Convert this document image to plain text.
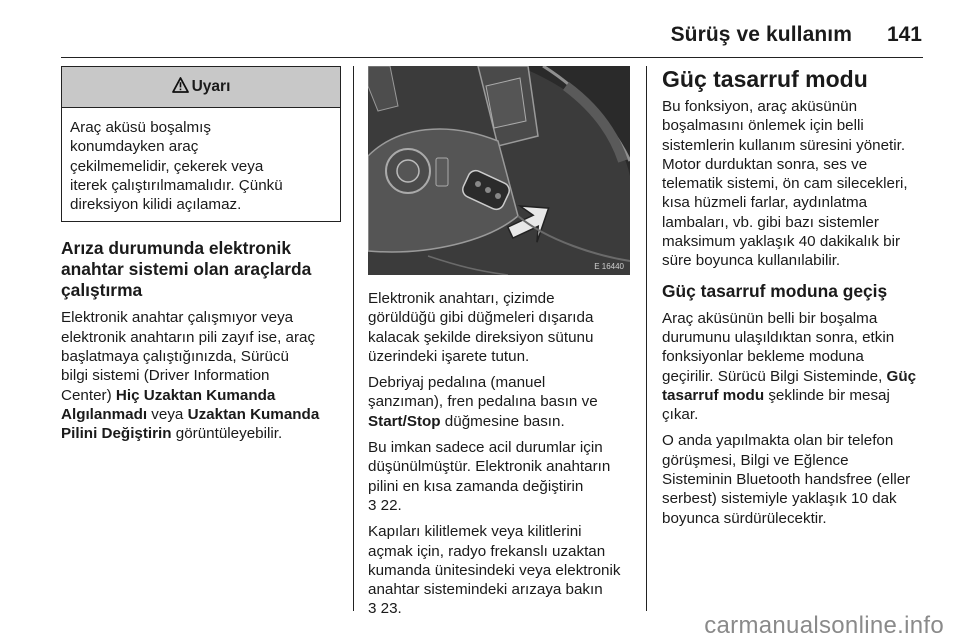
Sürüş ve kullanım 141
Uyarı
Araç aküsü boşalmış
konumdayken araç
çekilmemelidir, çekerek veya
iterek çalıştırılmamalıdır. Çünkü
direksiyon kilidi açılamaz.
Arıza durumunda elektronik
anahtar sistemi olan araçlarda
çalıştırma
Elektronik anahtar çalışmıyor veya
elektronik anahtarın pili zayıf ise, araç
başlatmaya çalıştığınızda, Sürücü
bilgi sistemi (Driver Information
Center) Hiç Uzaktan Kumanda
Algılanmadı veya Uzaktan Kumanda
Pilini Değiştirin görüntüleyebilir.
E 16440
Elektronik anahtarı, çizimde
görüldüğü gibi düğmeleri dışarıda
kalacak şekilde direksiyon sütunu
üzerindeki işarete tutun.
Debriyaj pedalına (manuel
şanzıman), fren pedalına basın ve
Start/Stop düğmesine basın.
Bu imkan sadece acil durumlar için
düşünülmüştür. Elektronik anahtarın
pilini en kısa zamanda değiştirin
3 22.
Kapıları kilitlemek veya kilitlerini
açmak için, radyo frekanslı uzaktan
kumanda ünitesindeki veya elektronik
anahtar sistemindeki arızaya bakın
3 23.
Güç tasarruf modu
Bu fonksiyon, araç aküsünün
boşalmasını önlemek için belli
sistemlerin kullanım süresini yönetir.
Motor durduktan sonra, ses ve
telematik sistemi, ön cam silecekleri,
kısa hüzmeli farlar, aydınlatma
lambaları, vb. gibi bazı sistemler
maksimum yaklaşık 40 dakikalık bir
süre boyunca kullanılabilir.
Güç tasarruf moduna geçiş
Araç aküsünün belli bir boşalma
durumunu ulaşıldıktan sonra, etkin
fonksiyonlar bekleme moduna
geçirilir. Sürücü Bilgi Sisteminde, Güç
tasarruf modu şeklinde bir mesaj
çıkar.
O anda yapılmakta olan bir telefon
görüşmesi, Bilgi ve Eğlence
Sisteminin Bluetooth handsfree (eller
serbest) sistemiyle yaklaşık 10 dak
boyunca sürdürülecektir.
carmanualsonline.info
